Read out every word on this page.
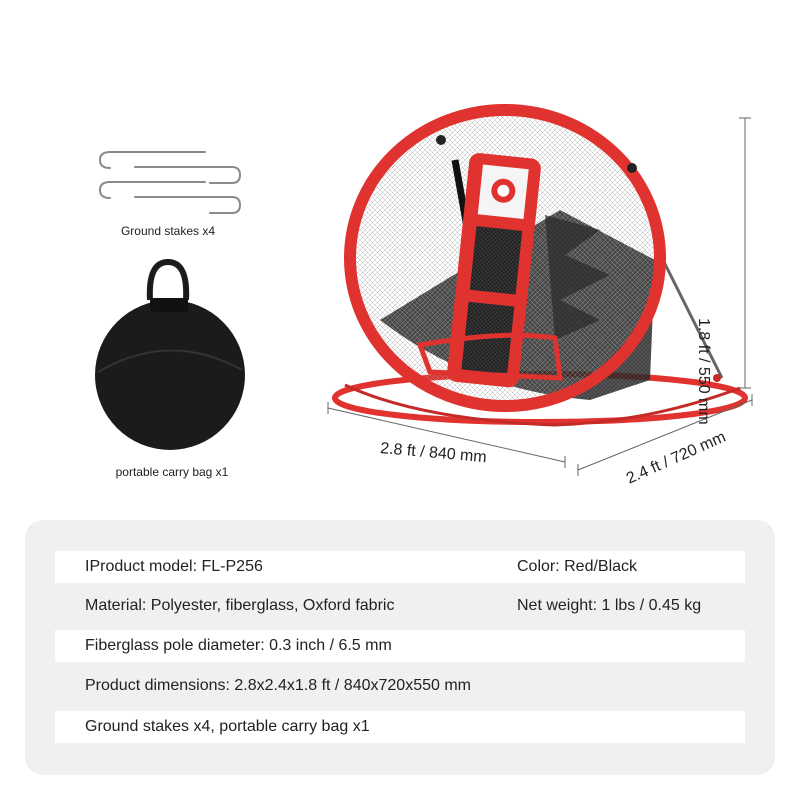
Ground stakes x4
portable carry bag x1
2.8 ft / 840 mm	2.4 ft / 720 mm
1.8 ft / 550 mm
IProduct model: FL-P256	Color: Red/Black
Material: Polyester, fiberglass, Oxford fabric	Net weight: 1 lbs / 0.45 kg
Fiberglass pole diameter: 0.3 inch / 6.5 mm
Product dimensions: 2.8x2.4x1.8 ft / 840x720x550 mm
Ground stakes x4, portable carry bag x1
